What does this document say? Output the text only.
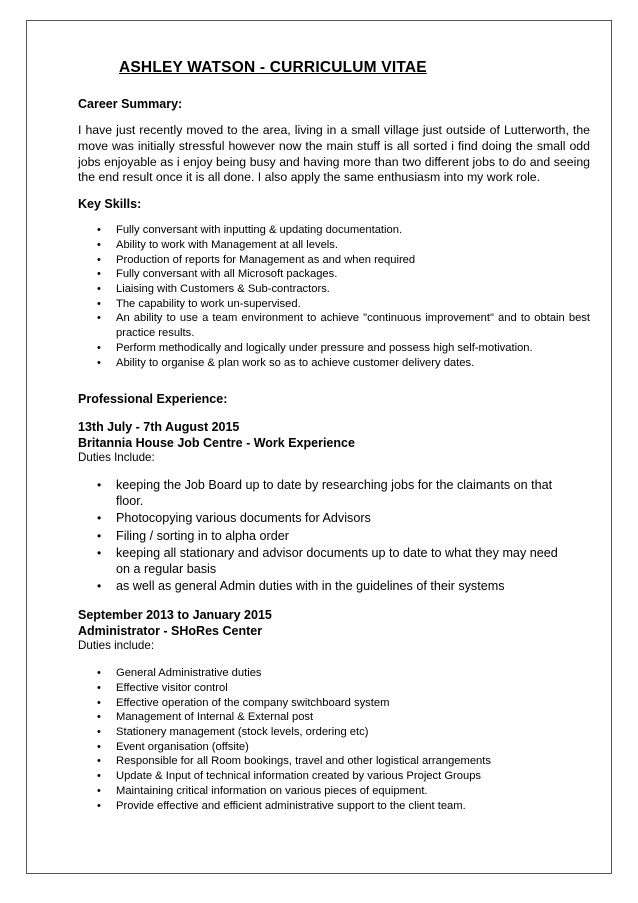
ASHLEY WATSON - CURRICULUM VITAE
Career Summary:
I have just recently moved to the area, living in a small village just outside of Lutterworth, the move was initially stressful however now the main stuff is all sorted i find doing the small odd jobs enjoyable as i enjoy being busy and having more than two different jobs to do and seeing the end result once it is all done. I also apply the same enthusiasm into my work role.
Key Skills:
• Fully conversant with inputting & updating documentation.
• Ability to work with Management at all levels.
• Production of reports for Management as and when required
• Fully conversant with all Microsoft packages.
• Liaising with Customers & Sub-contractors.
• The capability to work un-supervised.
• An ability to use a team environment to achieve "continuous improvement" and to obtain best practice results.
• Perform methodically and logically under pressure and possess high self-motivation.
• Ability to organise & plan work so as to achieve customer delivery dates.
Professional Experience:
13th July - 7th August 2015
Britannia House Job Centre - Work Experience
Duties Include:
• keeping the Job Board up to date by researching jobs for the claimants on that floor.
• Photocopying various documents for Advisors
• Filing / sorting in to alpha order
• keeping all stationary and advisor documents up to date to what they may need on a regular basis
• as well as general Admin duties with in the guidelines of their systems
September 2013 to January 2015
Administrator - SHoRes Center
Duties include:
• General Administrative duties
• Effective visitor control
• Effective operation of the company switchboard system
• Management of Internal & External post
• Stationery management (stock levels, ordering etc)
• Event organisation (offsite)
• Responsible for all Room bookings, travel and other logistical arrangements
• Update & Input of technical information created by various Project Groups
• Maintaining critical information on various pieces of equipment.
• Provide effective and efficient administrative support to the client team.
